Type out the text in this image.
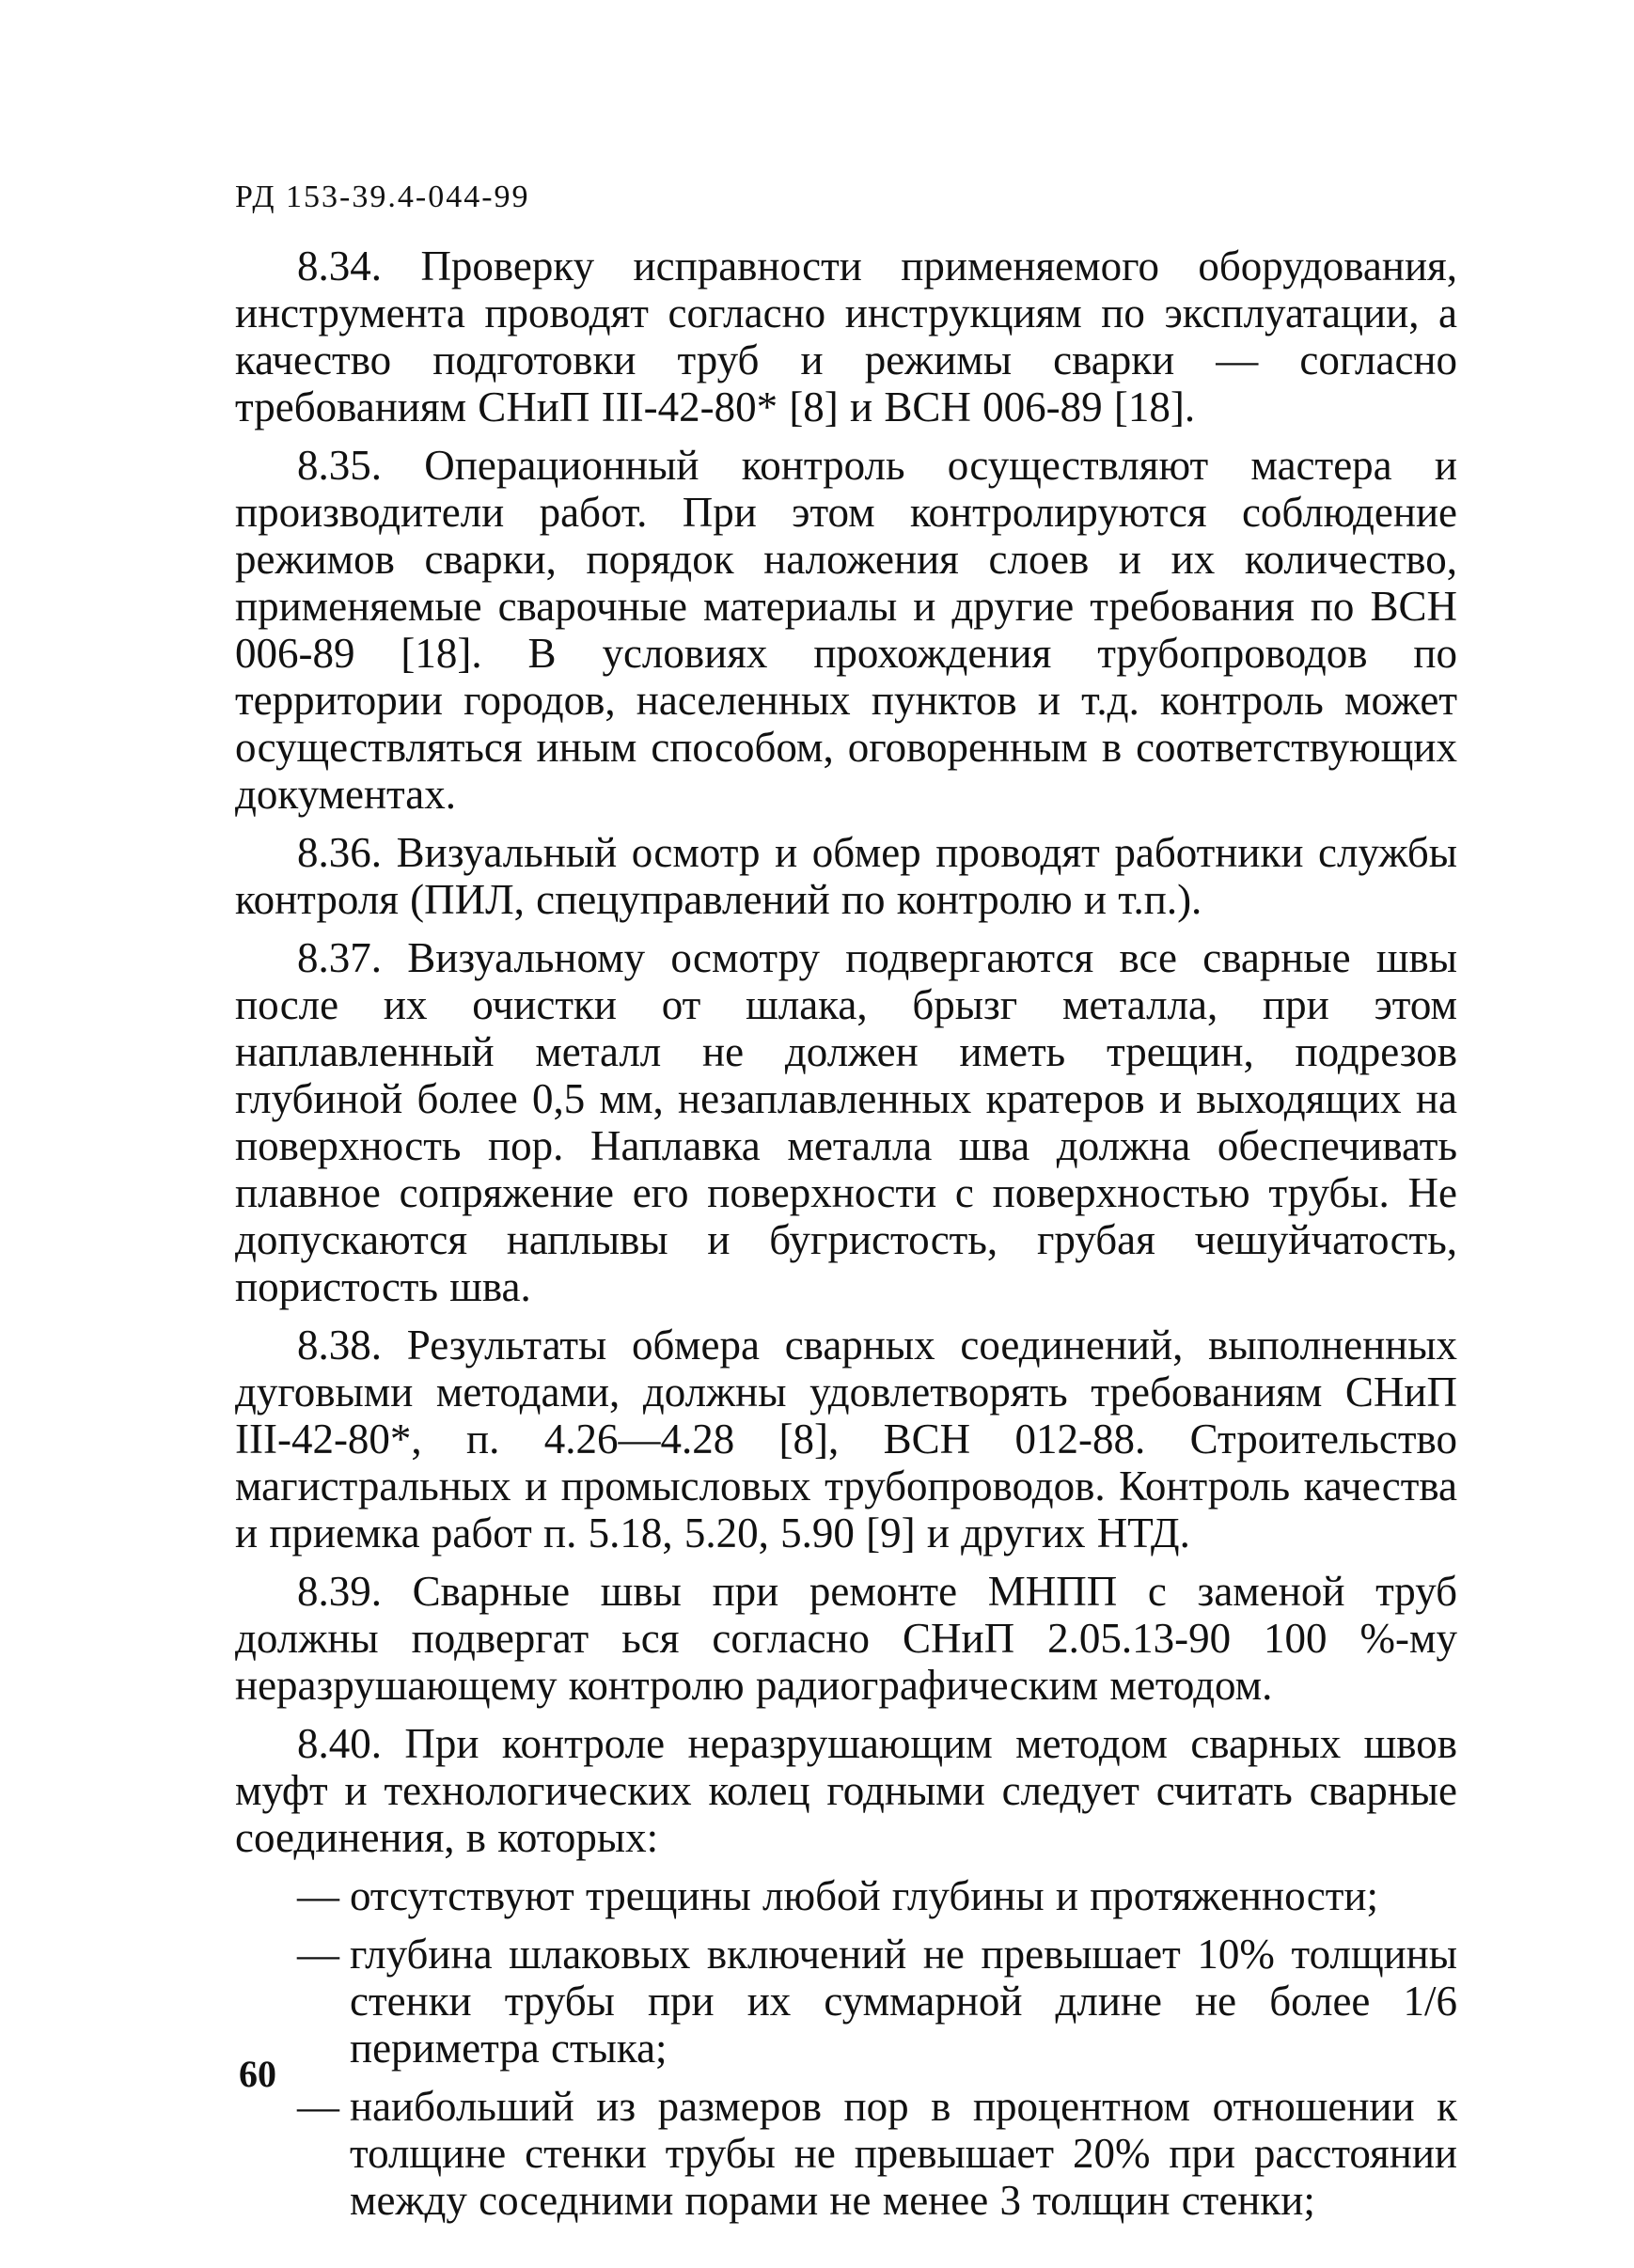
РД 153-39.4-044-99

8.34. Проверку исправности применяемого оборудования, инструмента проводят согласно инструкциям по эксплуатации, а качество подготовки труб и режимы сварки — согласно требованиям СНиП III-42-80* [8] и ВСН 006-89 [18].

8.35. Операционный контроль осуществляют мастера и производители работ. При этом контролируются соблюдение режимов сварки, порядок наложения слоев и их количество, применяемые сварочные материалы и другие требования по ВСН 006-89 [18]. В условиях прохождения трубопроводов по территории городов, населенных пунктов и т.д. контроль может осуществляться иным способом, оговоренным в соответствующих документах.

8.36. Визуальный осмотр и обмер проводят работники службы контроля (ПИЛ, спецуправлений по контролю и т.п.).

8.37. Визуальному осмотру подвергаются все сварные швы после их очистки от шлака, брызг металла, при этом наплавленный металл не должен иметь трещин, подрезов глубиной более 0,5 мм, незаплавленных кратеров и выходящих на поверхность пор. Наплавка металла шва должна обеспечивать плавное сопряжение его поверхности с поверхностью трубы. Не допускаются наплывы и бугристость, грубая чешуйчатость, пористость шва.

8.38. Результаты обмера сварных соединений, выполненных дуговыми методами, должны удовлетворять требованиям СНиП III-42-80*, п. 4.26—4.28 [8], ВСН 012-88. Строительство магистральных и промысловых трубопроводов. Контроль качества и приемка работ п. 5.18, 5.20, 5.90 [9] и других НТД.

8.39. Сварные швы при ремонте МНПП с заменой труб должны подвергат ься согласно СНиП 2.05.13-90 100 %-му неразрушающему контролю радиографическим методом.

8.40. При контроле неразрушающим методом сварных швов муфт и технологических колец годными следует считать сварные соединения, в которых:

— отсутствуют трещины любой глубины и протяженности;
— глубина шлаковых включений не превышает 10% толщины стенки трубы при их суммарной длине не более 1/6 периметра стыка;
— наибольший из размеров пор в процентном отношении к толщине стенки трубы не превышает 20% при расстоянии между соседними порами не менее 3 толщин стенки;
60
